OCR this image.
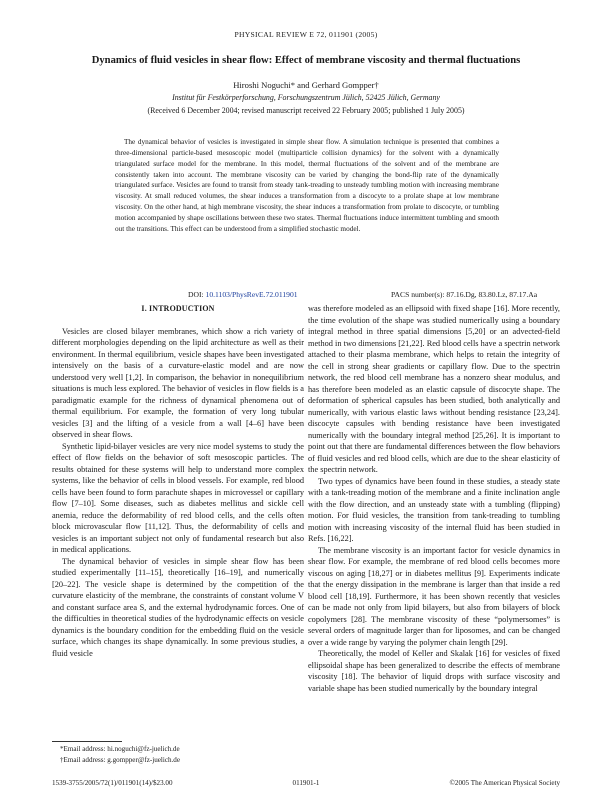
PHYSICAL REVIEW E 72, 011901 (2005)
Dynamics of fluid vesicles in shear flow: Effect of membrane viscosity and thermal fluctuations
Hiroshi Noguchi* and Gerhard Gompper†
Institut für Festkörperforschung, Forschungszentrum Jülich, 52425 Jülich, Germany
(Received 6 December 2004; revised manuscript received 22 February 2005; published 1 July 2005)

The dynamical behavior of vesicles is investigated in simple shear flow. A simulation technique is presented that combines a three-dimensional particle-based mesoscopic model (multiparticle collision dynamics) for the solvent with a dynamically triangulated surface model for the membrane. In this model, thermal fluctuations of the solvent and of the membrane are consistently taken into account. The membrane viscosity can be varied by changing the bond-flip rate of the dynamically triangulated surface. Vesicles are found to transit from steady tank-treading to unsteady tumbling motion with increasing membrane viscosity. At small reduced volumes, the shear induces a transformation from a discocyte to a prolate shape at low membrane viscosity. On the other hand, at high membrane viscosity, the shear induces a transformation from prolate to discocyte, or tumbling motion accompanied by shape oscillations between these two states. Thermal fluctuations induce intermittent tumbling and smooth out the transitions. This effect can be understood from a simplified stochastic model.

DOI: 10.1103/PhysRevE.72.011901	PACS number(s): 87.16.Dg, 83.80.Lz, 87.17.Aa
I. INTRODUCTION

Vesicles are closed bilayer membranes, which show a rich variety of different morphologies depending on the lipid architecture as well as their environment. In thermal equilibrium, vesicle shapes have been investigated intensively on the basis of a curvature-elastic model and are now understood very well [1,2]. In comparison, the behavior in nonequilibrium situations is much less explored. The behavior of vesicles in flow fields is a paradigmatic example for the richness of dynamical phenomena out of thermal equilibrium. For example, the formation of very long tubular vesicles [3] and the lifting of a vesicle from a wall [4–6] have been observed in shear flows.

Synthetic lipid-bilayer vesicles are very nice model systems to study the effect of flow fields on the behavior of soft mesoscopic particles. The results obtained for these systems will help to understand more complex systems, like the behavior of cells in blood vessels. For example, red blood cells have been found to form parachute shapes in microvessel or capillary flow [7–10]. Some diseases, such as diabetes mellitus and sickle cell anemia, reduce the deformability of red blood cells, and the cells often block microvascular flow [11,12]. Thus, the deformability of cells and vesicles is an important subject not only of fundamental research but also in medical applications.

The dynamical behavior of vesicles in simple shear flow has been studied experimentally [11–15], theoretically [16–19], and numerically [20–22]. The vesicle shape is determined by the competition of the curvature elasticity of the membrane, the constraints of constant volume V and constant surface area S, and the external hydrodynamic forces. One of the difficulties in theoretical studies of the hydrodynamic effects on vesicle dynamics is the boundary condition for the embedding fluid on the vesicle surface, which changes its shape dynamically. In some previous studies, a fluid vesicle

was therefore modeled as an ellipsoid with fixed shape [16]. More recently, the time evolution of the shape was studied numerically using a boundary integral method in three spatial dimensions [5,20] or an advected-field method in two dimensions [21,22]. Red blood cells have a spectrin network attached to their plasma membrane, which helps to retain the integrity of the cell in strong shear gradients or capillary flow. Due to the spectrin network, the red blood cell membrane has a nonzero shear modulus, and has therefore been modeled as an elastic capsule of discocyte shape. The deformation of spherical capsules has been studied, both analytically and numerically, with various elastic laws without bending resistance [23,24]. discocyte capsules with bending resistance have been investigated numerically with the boundary integral method [25,26]. It is important to point out that there are fundamental differences between the flow behaviors of fluid vesicles and red blood cells, which are due to the shear elasticity of the spectrin network.

Two types of dynamics have been found in these studies, a steady state with a tank-treading motion of the membrane and a finite inclination angle with the flow direction, and an unsteady state with a tumbling (flipping) motion. For fluid vesicles, the transition from tank-treading to tumbling motion with increasing viscosity of the internal fluid has been studied in Refs. [16,22].

The membrane viscosity is an important factor for vesicle dynamics in shear flow. For example, the membrane of red blood cells becomes more viscous on aging [18,27] or in diabetes mellitus [9]. Experiments indicate that the energy dissipation in the membrane is larger than that inside a red blood cell [18,19]. Furthermore, it has been shown recently that vesicles can be made not only from lipid bilayers, but also from bilayers of block copolymers [28]. The membrane viscosity of these “polymersomes” is several orders of magnitude larger than for liposomes, and can be changed over a wide range by varying the polymer chain length [29].

Theoretically, the model of Keller and Skalak [16] for vesicles of fixed ellipsoidal shape has been generalized to describe the effects of membrane viscosity [18]. The behavior of liquid drops with surface viscosity and variable shape has been studied numerically by the boundary integral

*Email address: hi.noguchi@fz-juelich.de
†Email address: g.gompper@fz-juelich.de
1539-3755/2005/72(1)/011901(14)/$23.00	011901-1	©2005 The American Physical Society
